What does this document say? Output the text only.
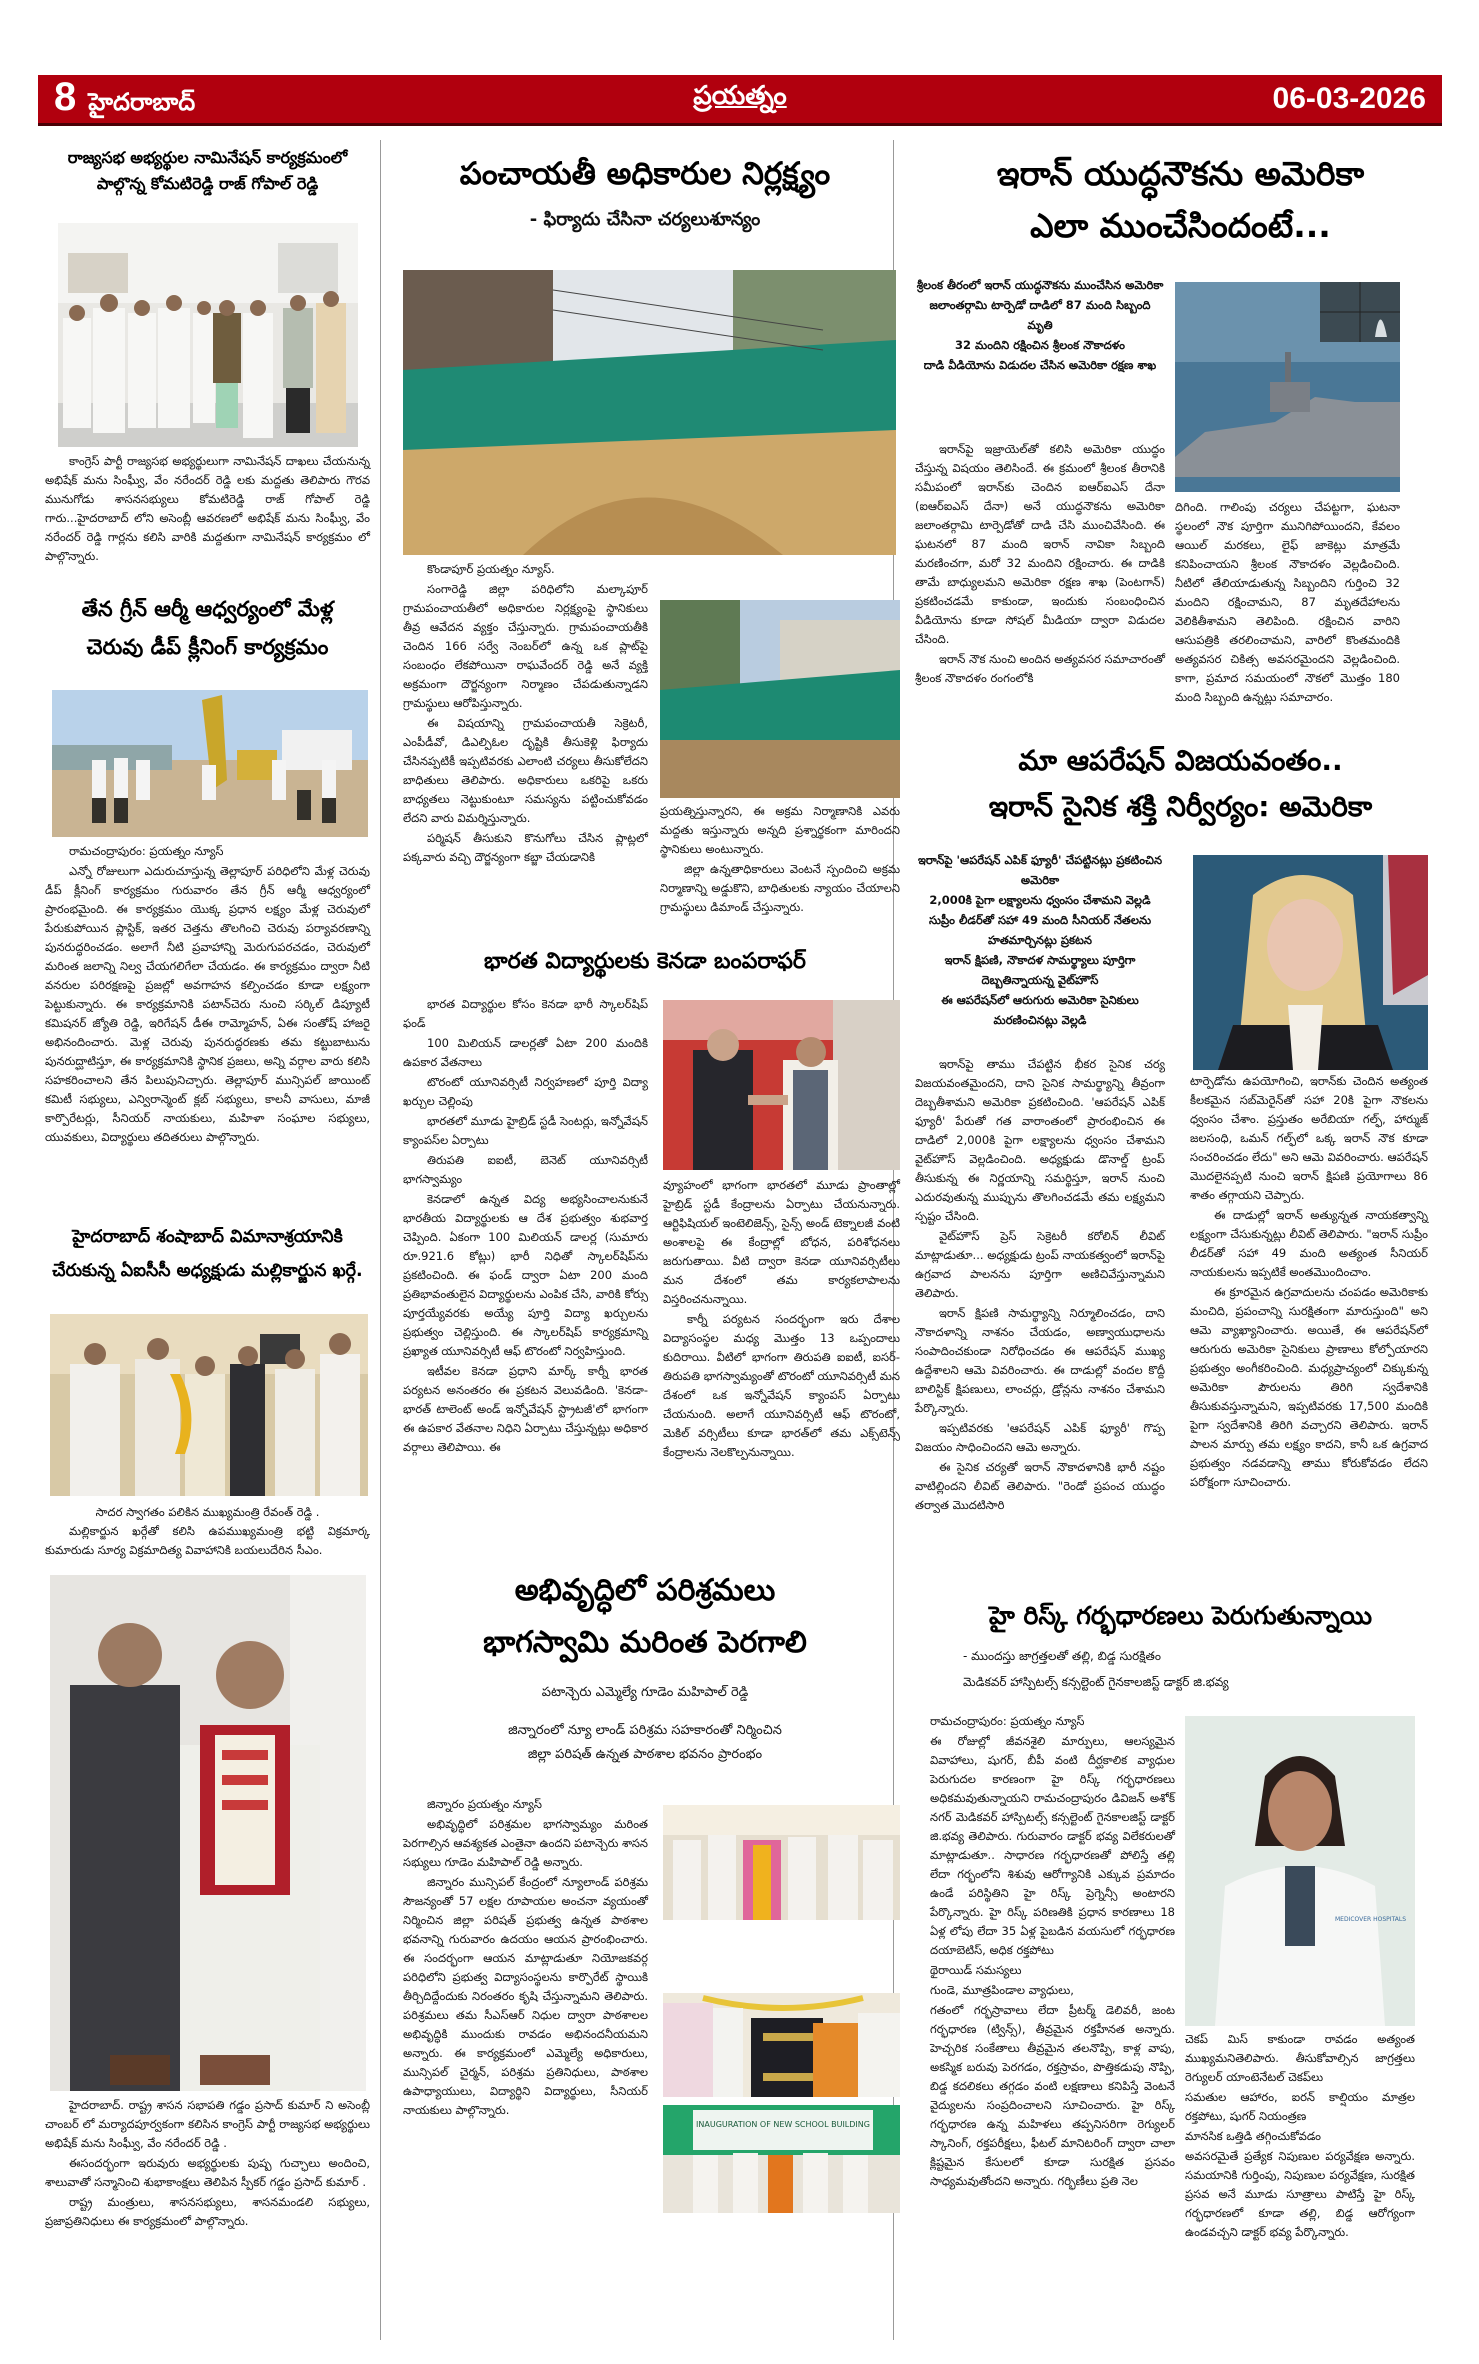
8 హైదరాబాద్	ప్రయత్నం	06-03-2026
రాజ్యసభ అభ్యర్థుల నామినేషన్ కార్యక్రమంలో
పాల్గొన్న కోమటిరెడ్డి రాజ్ గోపాల్ రెడ్డి

కాంగ్రెస్ పార్టీ రాజ్యసభ అభ్యర్థులుగా నామినేషన్ దాఖలు చేయనున్న అభిషేక్ మను సింఘ్వీ, వేం నరేందర్ రెడ్డి లకు మద్దతు తెలిపారు గౌరవ మునుగోడు శాసనసభ్యులు కోమటిరెడ్డి రాజ్ గోపాల్ రెడ్డి గారు...హైదరాబాద్ లోని అసెంబ్లీ ఆవరణలో అభిషేక్ మను సింఘ్వీ, వేం నరేందర్ రెడ్డి గార్లను కలిసి వారికి మద్దతుగా నామినేషన్ కార్యక్రమం లో పాల్గొన్నారు.

తేన గ్రీన్ ఆర్మీ ఆధ్వర్యంలో మేళ్ల
చెరువు డీప్ క్లీనింగ్ కార్యక్రమం

రామచంద్రాపురం: ప్రయత్నం న్యూస్

ఎన్నో రోజులుగా ఎదురుచూస్తున్న తెల్లాపూర్ పరిధిలోని మేళ్ల చెరువు డీప్ క్లీనింగ్ కార్యక్రమం గురువారం తేన గ్రీన్ ఆర్మీ ఆధ్వర్యంలో ప్రారంభమైంది. ఈ కార్యక్రమం యొక్క ప్రధాన లక్ష్యం మేళ్ల చెరువులో పేరుకుపోయిన ప్లాస్టిక్, ఇతర చెత్తను తొలగించి చెరువు పర్యావరణాన్ని పునరుద్ధరించడం. అలాగే నీటి ప్రవాహాన్ని మెరుగుపరచడం, చెరువులో మరింత జలాన్ని నిల్వ చేయగలిగేలా చేయడం. ఈ కార్యక్రమం ద్వారా నీటి వనరుల పరిరక్షణపై ప్రజల్లో అవగాహన కల్పించడం కూడా లక్ష్యంగా పెట్టుకున్నారు. ఈ కార్యక్రమానికి పటాన్‌చెరు నుంచి సర్కిల్ డిప్యూటీ కమిషనర్ జ్యోతి రెడ్డి, ఇరిగేషన్ డీఈ రామ్మోహన్, ఏఈ సంతోష్ హాజరై అభినందించారు. మెళ్ల చెరువు పునరుద్ధరణకు తమ కట్టుబాటును పునరుద్ఘాటిస్తూ, ఈ కార్యక్రమానికి స్థానిక ప్రజలు, అన్ని వర్గాల వారు కలిసి సహకరించాలని తేన పిలుపునిచ్చారు. తెల్లాపూర్ మున్సిపల్ జాయింట్ కమిటీ సభ్యులు, ఎన్విరాన్మెంట్ క్లబ్ సభ్యులు, కాలనీ వాసులు, మాజీ కార్పొరేటర్లు, సీనియర్ నాయకులు, మహిళా సంఘాల సభ్యులు, యువకులు, విద్యార్థులు తదితరులు పాల్గొన్నారు.

హైదరాబాద్ శంషాబాద్ విమానాశ్రయానికి
చేరుకున్న ఏఐసీసీ అధ్యక్షుడు మల్లికార్జున ఖర్గే.

సాదర స్వాగతం పలికిన ముఖ్యమంత్రి రేవంత్ రెడ్డి .

మల్లికార్జున ఖర్గేతో కలిసి ఉపముఖ్యమంత్రి భట్టి విక్రమార్క కుమారుడు సూర్య విక్రమాదిత్య వివాహానికి బయలుదేరిన సీఎం.

హైదరాబాద్. రాష్ట్ర శాసన సభాపతి గడ్డం ప్రసాద్ కుమార్ ని అసెంబ్లీ చాంబర్ లో మర్యాదపూర్వకంగా కలిసిన కాంగ్రెస్ పార్టీ రాజ్యసభ అభ్యర్థులు అభిషేక్ మను సింఘ్వీ, వేం నరేందర్ రెడ్డి .

ఈసందర్భంగా ఇరువురు అభ్యర్థులకు పుష్ప గుచ్ఛాలు అందించి, శాలువాతో సన్మానించి శుభాకాంక్షలు తెలిపిన స్పీకర్ గడ్డం ప్రసాద్ కుమార్ .

రాష్ట్ర మంత్రులు, శాసనసభ్యులు, శాసనమండలి సభ్యులు, ప్రజాప్రతినిధులు ఈ కార్యక్రమంలో పాల్గొన్నారు.

పంచాయతీ అధికారుల నిర్లక్ష్యం
- ఫిర్యాదు చేసినా చర్యలుశూన్యం

కొండాపూర్ ప్రయత్నం న్యూస్.

సంగారెడ్డి జిల్లా పరిధిలోని మల్కాపూర్ గ్రామపంచాయతీలో అధికారుల నిర్లక్ష్యంపై స్థానికులు తీవ్ర ఆవేదన వ్యక్తం చేస్తున్నారు. గ్రామపంచాయతీకి చెందిన 166 సర్వే నెంబర్‌లో ఉన్న ఒక ప్లాట్‌పై సంబంధం లేకపోయినా రాఘవేందర్ రెడ్డి అనే వ్యక్తి అక్రమంగా దౌర్జన్యంగా నిర్మాణం చేపడుతున్నాడని గ్రామస్థులు ఆరోపిస్తున్నారు.

ఈ విషయాన్ని గ్రామపంచాయతీ సెక్రెటరీ, ఎంపీడీవో, డిఎల్పిఓల దృష్టికి తీసుకెళ్లి ఫిర్యాదు చేసినప్పటికీ ఇప్పటివరకు ఎలాంటి చర్యలు తీసుకోలేదని బాధితులు తెలిపారు. అధికారులు ఒకరిపై ఒకరు బాధ్యతలు నెట్టుకుంటూ సమస్యను పట్టించుకోవడం లేదని వారు విమర్శిస్తున్నారు.

పర్మిషన్ తీసుకుని కొనుగోలు చేసిన ప్లాట్లలో పక్కవారు వచ్చి దౌర్జన్యంగా కబ్జా చేయడానికి

ప్రయత్నిస్తున్నారని, ఈ అక్రమ నిర్మాణానికి ఎవరు మద్దతు ఇస్తున్నారు అన్నది ప్రశ్నార్థకంగా మారిందని స్థానికులు అంటున్నారు.

జిల్లా ఉన్నతాధికారులు వెంటనే స్పందించి అక్రమ నిర్మాణాన్ని అడ్డుకొని, బాధితులకు న్యాయం చేయాలని గ్రామస్థులు డిమాండ్ చేస్తున్నారు.

భారత విద్యార్థులకు కెనడా బంపరాఫర్

భారత విద్యార్థుల కోసం కెనడా భారీ స్కాలర్‌షిప్ ఫండ్

100 మిలియన్ డాలర్లతో ఏటా 200 మందికి ఉపకార వేతనాలు

టొరంటో యూనివర్సిటీ నిర్వహణలో పూర్తి విద్యా ఖర్చుల చెల్లింపు

భారతలో మూడు హైబ్రిడ్ స్టడీ సెంటర్లు, ఇన్నోవేషన్ క్యాంపస్‌ల ఏర్పాటు

తిరుపతి ఐఐటీ, బెనెట్ యూనివర్సిటీ భాగస్వామ్యం

కెనడాలో ఉన్నత విద్య అభ్యసించాలనుకునే భారతీయ విద్యార్థులకు ఆ దేశ ప్రభుత్వం శుభవార్త చెప్పింది. ఏకంగా 100 మిలియన్ డాలర్ల (సుమారు రూ.921.6 కోట్లు) భారీ నిధితో స్కాలర్‌షిప్‌ను ప్రకటించింది. ఈ ఫండ్ ద్వారా ఏటా 200 మంది ప్రతిభావంతులైన విద్యార్థులను ఎంపిక చేసి, వారికి కోర్సు పూర్తయ్యేవరకు అయ్యే పూర్తి విద్యా ఖర్చులను ప్రభుత్వం చెల్లిస్తుంది. ఈ స్కాలర్‌షిప్ కార్యక్రమాన్ని ప్రఖ్యాత యూనివర్సిటీ ఆఫ్ టొరంటో నిర్వహిస్తుంది.

ఇటీవల కెనడా ప్రధాని మార్క్ కార్నీ భారత పర్యటన అనంతరం ఈ ప్రకటన వెలువడింది. 'కెనడా-భారత్ టాలెంట్ అండ్ ఇన్నోవేషన్ స్ట్రాటజీ'లో భాగంగా ఈ ఉపకార వేతనాల నిధిని ఏర్పాటు చేస్తున్నట్లు అధికార వర్గాలు తెలిపాయి. ఈ

వ్యూహంలో భాగంగా భారతలో మూడు ప్రాంతాల్లో హైబ్రిడ్ స్టడీ కేంద్రాలను ఏర్పాటు చేయనున్నారు. ఆర్టిఫిషియల్ ఇంటెలిజెన్స్, సైన్స్ అండ్ టెక్నాలజీ వంటి అంశాలపై ఈ కేంద్రాల్లో బోధన, పరిశోధనలు జరుగుతాయి. వీటి ద్వారా కెనడా యూనివర్సిటీలు మన దేశంలో తమ కార్యకలాపాలను విస్తరించనున్నాయి.

కార్నీ పర్యటన సందర్భంగా ఇరు దేశాల విద్యాసంస్థల మధ్య మొత్తం 13 ఒప్పందాలు కుదిరాయి. వీటిలో భాగంగా తిరుపతి ఐఐటీ, ఐసర్-తిరుపతి భాగస్వామ్యంతో టొరంటో యూనివర్సిటీ మన దేశంలో ఒక ఇన్నోవేషన్ క్యాంపస్ ఏర్పాటు చేయనుంది. అలాగే యూనివర్సిటీ ఆఫ్ టొరంటో, మెకిల్ వర్సిటీలు కూడా భారత్‌లో తమ ఎక్స్‌టెన్స్ కేంద్రాలను నెలకొల్పనున్నాయి.

అభివృద్ధిలో పరిశ్రమలు
భాగస్వామి మరింత పెరగాలి
పటాన్చెరు ఎమ్మెల్యే గూడెం మహిపాల్ రెడ్డి
జిన్నారంలో న్యూ లాండ్ పరిశ్రమ సహకారంతో నిర్మించిన
జిల్లా పరిషత్ ఉన్నత పాఠశాల భవనం ప్రారంభం

జిన్నారం ప్రయత్నం న్యూస్

అభివృద్ధిలో పరిశ్రమల భాగస్వామ్యం మరింత పెరగాల్సిన ఆవశ్యకత ఎంతైనా ఉందని పటాన్చెరు శాసన సభ్యులు గూడెం మహిపాల్ రెడ్డి అన్నారు.

జిన్నారం మున్సిపల్ కేంద్రంలో న్యూలాండ్ పరిశ్రమ సౌజన్యంతో 57 లక్షల రూపాయల అంచనా వ్యయంతో నిర్మించిన జిల్లా పరిషత్ ప్రభుత్వ ఉన్నత పాఠశాల భవనాన్ని గురువారం ఉదయం ఆయన ప్రారంభించారు. ఈ సందర్భంగా ఆయన మాట్లాడుతూ నియోజకవర్గ పరిధిలోని ప్రభుత్వ విద్యాసంస్థలను కార్పొరేట్ స్థాయికి తీర్చిదిద్దేందుకు నిరంతరం కృషి చేస్తున్నామని తెలిపారు. పరిశ్రమలు తమ సీఎస్ఆర్ నిధుల ద్వారా పాఠశాలల అభివృద్ధికి ముందుకు రావడం అభినందనీయమని అన్నారు. ఈ కార్యక్రమంలో ఎమ్మెల్యే అధికారులు, మున్సిపల్ చైర్మన్, పరిశ్రమ ప్రతినిధులు, పాఠశాల ఉపాధ్యాయులు, విద్యార్థిని విద్యార్థులు, సీనియర్ నాయకులు పాల్గొన్నారు.

INAUGURATION OF NEW SCHOOL BUILDING
ఇరాన్ యుద్ధనౌకను అమెరికా
ఎలా ముంచేసిందంటే...
శ్రీలంక తీరంలో ఇరాన్ యుద్ధనౌకను ముంచేసిన అమెరికా
జలాంతర్గామి టార్పెడో దాడిలో 87 మంది సిబ్బంది మృతి
32 మందిని రక్షించిన శ్రీలంక నౌకాదళం
దాడి వీడియోను విడుదల చేసిన అమెరికా రక్షణ శాఖ

ఇరాన్‌పై ఇజ్రాయెల్‌తో కలిసి అమెరికా యుద్ధం చేస్తున్న విషయం తెలిసిందే. ఈ క్రమంలో శ్రీలంక తీరానికి సమీపంలో ఇరాన్‌కు చెందిన ఐఆర్ఐఎస్ దేనా (ఐఆర్ఐఎస్ దేనా) అనే యుద్ధనౌకను అమెరికా జలాంతర్గామి టార్పెడోతో దాడి చేసి ముంచివేసింది. ఈ ఘటనలో 87 మంది ఇరాన్ నావికా సిబ్బంది మరణించగా, మరో 32 మందిని రక్షించారు. ఈ దాడికి తామే బాధ్యులమని అమెరికా రక్షణ శాఖ (పెంటగాన్) ప్రకటించడమే కాకుండా, ఇందుకు సంబంధించిన వీడియోను కూడా సోషల్ మీడియా ద్వారా విడుదల చేసింది.

ఇరాన్ నౌక నుంచి అందిన అత్యవసర సమాచారంతో శ్రీలంక నౌకాదళం రంగంలోకి

దిగింది. గాలింపు చర్యలు చేపట్టగా, ఘటనా స్థలంలో నౌక పూర్తిగా మునిగిపోయిందని, కేవలం ఆయిల్ మరకలు, లైఫ్ జాకెట్లు మాత్రమే కనిపించాయని శ్రీలంక నౌకాదళం వెల్లడించింది. నీటిలో తేలియాడుతున్న సిబ్బందిని గుర్తించి 32 మందిని రక్షించామని, 87 మృతదేహాలను వెలికితీశామని తెలిపింది. రక్షించిన వారిని ఆసుపత్రికి తరలించామని, వారిలో కొంతమందికి అత్యవసర చికిత్స అవసరమైందని వెల్లడించింది. కాగా, ప్రమాద సమయంలో నౌకలో మొత్తం 180 మంది సిబ్బంది ఉన్నట్లు సమాచారం.

మా ఆపరేషన్ విజయవంతం..
ఇరాన్ సైనిక శక్తి నిర్వీర్యం: అమెరికా
ఇరాన్‌పై 'ఆపరేషన్ ఎపిక్ ఫ్యూరీ' చేపట్టినట్లు ప్రకటించిన అమెరికా
2,000కి పైగా లక్ష్యాలను ధ్వంసం చేశామని వెల్లడి
సుప్రీం లీడర్‌తో సహా 49 మంది సీనియర్ నేతలను హతమార్చినట్లు ప్రకటన
ఇరాన్ క్షిపణి, నౌకాదళ సామర్థ్యాలు పూర్తిగా దెబ్బతిన్నాయన్న వైట్‌హౌస్
ఈ ఆపరేషన్‌లో ఆరుగురు అమెరికా సైనికులు మరణించినట్లు వెల్లడి

ఇరాన్‌పై తాము చేపట్టిన భీకర సైనిక చర్య విజయవంతమైందని, దాని సైనిక సామర్థ్యాన్ని తీవ్రంగా దెబ్బతీశామని అమెరికా ప్రకటించింది. 'ఆపరేషన్ ఎపిక్ ఫ్యూరీ' పేరుతో గత వారాంతంలో ప్రారంభించిన ఈ దాడిలో 2,000కి పైగా లక్ష్యాలను ధ్వంసం చేశామని వైట్‌హౌస్ వెల్లడించింది. అధ్యక్షుడు డొనాల్డ్ ట్రంప్ తీసుకున్న ఈ నిర్ణయాన్ని సమర్థిస్తూ, ఇరాన్ నుంచి ఎదురవుతున్న ముప్పును తొలగించడమే తమ లక్ష్యమని స్పష్టం చేసింది.

వైట్‌హౌస్ ప్రెస్ సెక్రెటరీ కరోలిన్ లీవిట్ మాట్లాడుతూ... అధ్యక్షుడు ట్రంప్ నాయకత్వంలో ఇరాన్‌పై ఉగ్రవాద పాలనను పూర్తిగా అణిచివేస్తున్నామని తెలిపారు.

ఇరాన్ క్షిపణి సామర్థ్యాన్ని నిర్మూలించడం, దాని నౌకాదళాన్ని నాశనం చేయడం, అణ్వాయుధాలను సంపాదించకుండా నిరోధించడం ఈ ఆపరేషన్ ముఖ్య ఉద్దేశాలని ఆమె వివరించారు. ఈ దాడుల్లో వందల కొద్దీ బాలిస్టిక్ క్షిపణులు, లాంచర్లు, డ్రోన్లను నాశనం చేశామని పేర్కొన్నారు.

ఇప్పటివరకు 'ఆపరేషన్ ఎపిక్ ఫ్యూరీ' గొప్ప విజయం సాధించిందని ఆమె అన్నారు.

ఈ సైనిక చర్యతో ఇరాన్ నౌకాదళానికి భారీ నష్టం వాటిల్లిందని లీవిట్ తెలిపారు. "రెండో ప్రపంచ యుద్ధం తర్వాత మొదటిసారి

టార్పెడోను ఉపయోగించి, ఇరాన్‌కు చెందిన అత్యంత కీలకమైన సబ్‌మెరైన్‌తో సహా 20కి పైగా నౌకలను ధ్వంసం చేశాం. ప్రస్తుతం అరేబియా గల్ఫ్, హార్ముజ్ జలసంధి, ఒమన్ గల్ఫ్‌లో ఒక్క ఇరాన్ నౌక కూడా సంచరించడం లేదు" అని ఆమె వివరించారు. ఆపరేషన్ మొదలైనప్పటి నుంచి ఇరాన్ క్షిపణి ప్రయోగాలు 86 శాతం తగ్గాయని చెప్పారు.

ఈ దాడుల్లో ఇరాన్ అత్యున్నత నాయకత్వాన్ని లక్ష్యంగా చేసుకున్నట్లు లీవిట్ తెలిపారు. "ఇరాన్ సుప్రీం లీడర్‌తో సహా 49 మంది అత్యంత సీనియర్ నాయకులను ఇప్పటికే అంతమొందించాం.

ఈ క్రూరమైన ఉగ్రవాదులను చంపడం అమెరికాకు మంచిది, ప్రపంచాన్ని సురక్షితంగా మారుస్తుంది" అని ఆమె వ్యాఖ్యానించారు. అయితే, ఈ ఆపరేషన్‌లో ఆరుగురు అమెరికా సైనికులు ప్రాణాలు కోల్పోయారని ప్రభుత్వం అంగీకరించింది. మధ్యప్రాచ్యంలో చిక్కుకున్న అమెరికా పౌరులను తిరిగి స్వదేశానికి తీసుకువస్తున్నామని, ఇప్పటివరకు 17,500 మందికి పైగా స్వదేశానికి తిరిగి వచ్చారని తెలిపారు. ఇరాన్ పాలన మార్పు తమ లక్ష్యం కాదని, కానీ ఒక ఉగ్రవాద ప్రభుత్వం నడవడాన్ని తాము కోరుకోవడం లేదని పరోక్షంగా సూచించారు.

హై రిస్క్ గర్భధారణలు పెరుగుతున్నాయి
- ముందస్తు జాగ్రత్తలతో తల్లి, బిడ్డ సురక్షితం
మెడికవర్ హాస్పిటల్స్ కన్సల్టెంట్ గైనకాలజిస్ట్ డాక్టర్ జి.భవ్య

రామచంద్రాపురం: ప్రయత్నం న్యూస్

ఈ రోజుల్లో జీవనశైలి మార్పులు, ఆలస్యమైన వివాహాలు, షుగర్, బీపీ వంటి దీర్ఘకాలిక వ్యాధుల పెరుగుదల కారణంగా హై రిస్క్ గర్భధారణలు అధికమవుతున్నాయని రామచంద్రాపురం డివిజన్ అశోక్ నగర్ మెడికవర్ హాస్పిటల్స్ కన్సల్టెంట్ గైనకాలజిస్ట్ డాక్టర్ జి.భవ్య తెలిపారు. గురువారం డాక్టర్ భవ్య విలేకరులతో మాట్లాడుతూ.. సాధారణ గర్భధారణతో పోలిస్తే తల్లి లేదా గర్భంలోని శిశువు ఆరోగ్యానికి ఎక్కువ ప్రమాదం ఉండే పరిస్థితిని హై రిస్క్ ప్రెగ్నెన్సీ అంటారని పేర్కొన్నారు. హై రిస్క్ పరిణతికి ప్రధాన కారణాలు 18 ఏళ్ల లోపు లేదా 35 ఏళ్ల పైబడిన వయసులో గర్భధారణ దయాబెటిస్, అధిక రక్తపోటు

థైరాయిడ్ సమస్యలు

గుండె, మూత్రపిండాల వ్యాధులు,

గతంలో గర్భస్రావాలు లేదా ప్రీటర్మ్ డెలివరీ, జంట గర్భధారణ (ట్విన్స్), తీవ్రమైన రక్తహీనత అన్నారు. హెచ్చరిక సంకేతాలు తీవ్రమైన తలనొప్పి, కాళ్ల వాపు, అకస్మిక బరువు పెరగడం, రక్తస్రావం, పొత్తికడుపు నొప్పి, బిడ్డ కదలికలు తగ్గడం వంటి లక్షణాలు కనిపిస్తే వెంటనే వైద్యులను సంప్రదించాలని సూచించారు. హై రిస్క్ గర్భధారణ ఉన్న మహిళలు తప్పనిసరిగా రెగ్యులర్ స్కానింగ్, రక్తపరీక్షలు, ఫీటల్ మానిటరింగ్ ద్వారా చాలా క్లిష్టమైన కేసులలో కూడా సురక్షిత ప్రసవం సాధ్యమవుతోందని అన్నారు. గర్భిణీలు ప్రతి నెల

MEDICOVER HOSPITALS

చెకప్ మిస్ కాకుండా రావడం అత్యంత ముఖ్యమనితెలిపారు. తీసుకోవాల్సిన జాగ్రత్తలు రెగ్యులర్ యాంటెనేటల్ చెకప్‌లు

సమతుల ఆహారం, ఐరన్ కాల్షియం మాత్రల రక్తపోటు, షుగర్ నియంత్రణ

మానసిక ఒత్తిడి తగ్గించుకోవడం

అవసరమైతే ప్రత్యేక నిపుణుల పర్యవేక్షణ అన్నారు. సమయానికి గుర్తింపు, నిపుణుల పర్యవేక్షణ, సురక్షిత ప్రసవ అనే మూడు సూత్రాలు పాటిస్తే హై రిస్క్ గర్భధారణలో కూడా తల్లి, బిడ్డ ఆరోగ్యంగా ఉండవచ్చని డాక్టర్ భవ్య పేర్కొన్నారు.
